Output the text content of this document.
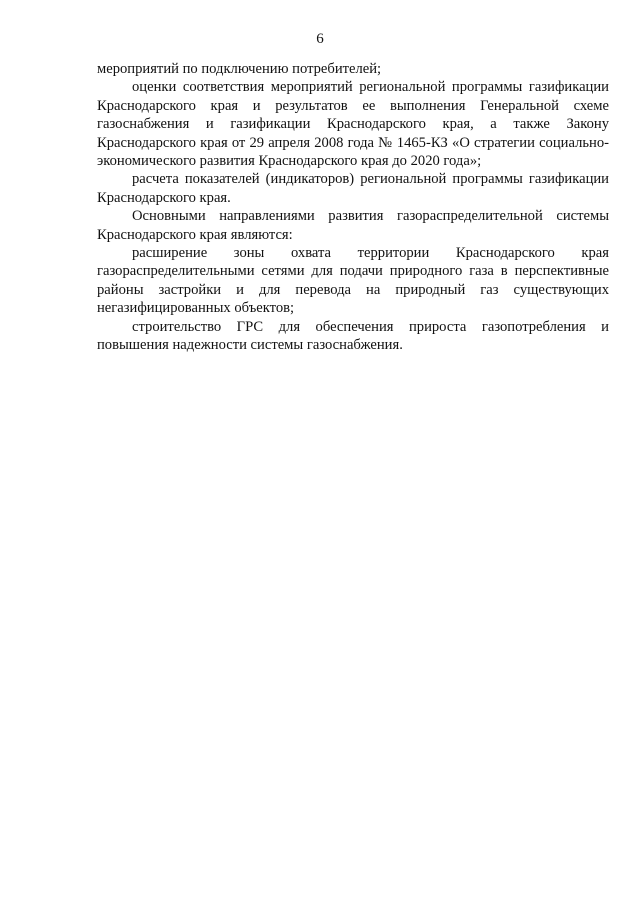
6

мероприятий по подключению потребителей;

оценки соответствия мероприятий региональной программы газификации Краснодарского края и результатов ее выполнения Генеральной схеме газоснабжения и газификации Краснодарского края, а также Закону Краснодарского края от 29 апреля 2008 года № 1465-КЗ «О стратегии социально-экономического развития Краснодарского края до 2020 года»;

расчета показателей (индикаторов) региональной программы газификации Краснодарского края.

Основными направлениями развития газораспределительной системы Краснодарского края являются:

расширение зоны охвата территории Краснодарского края газораспределительными сетями для подачи природного газа в перспективные районы застройки и для перевода на природный газ существующих негазифицированных объектов;

строительство ГРС для обеспечения прироста газопотребления и повышения надежности системы газоснабжения.
